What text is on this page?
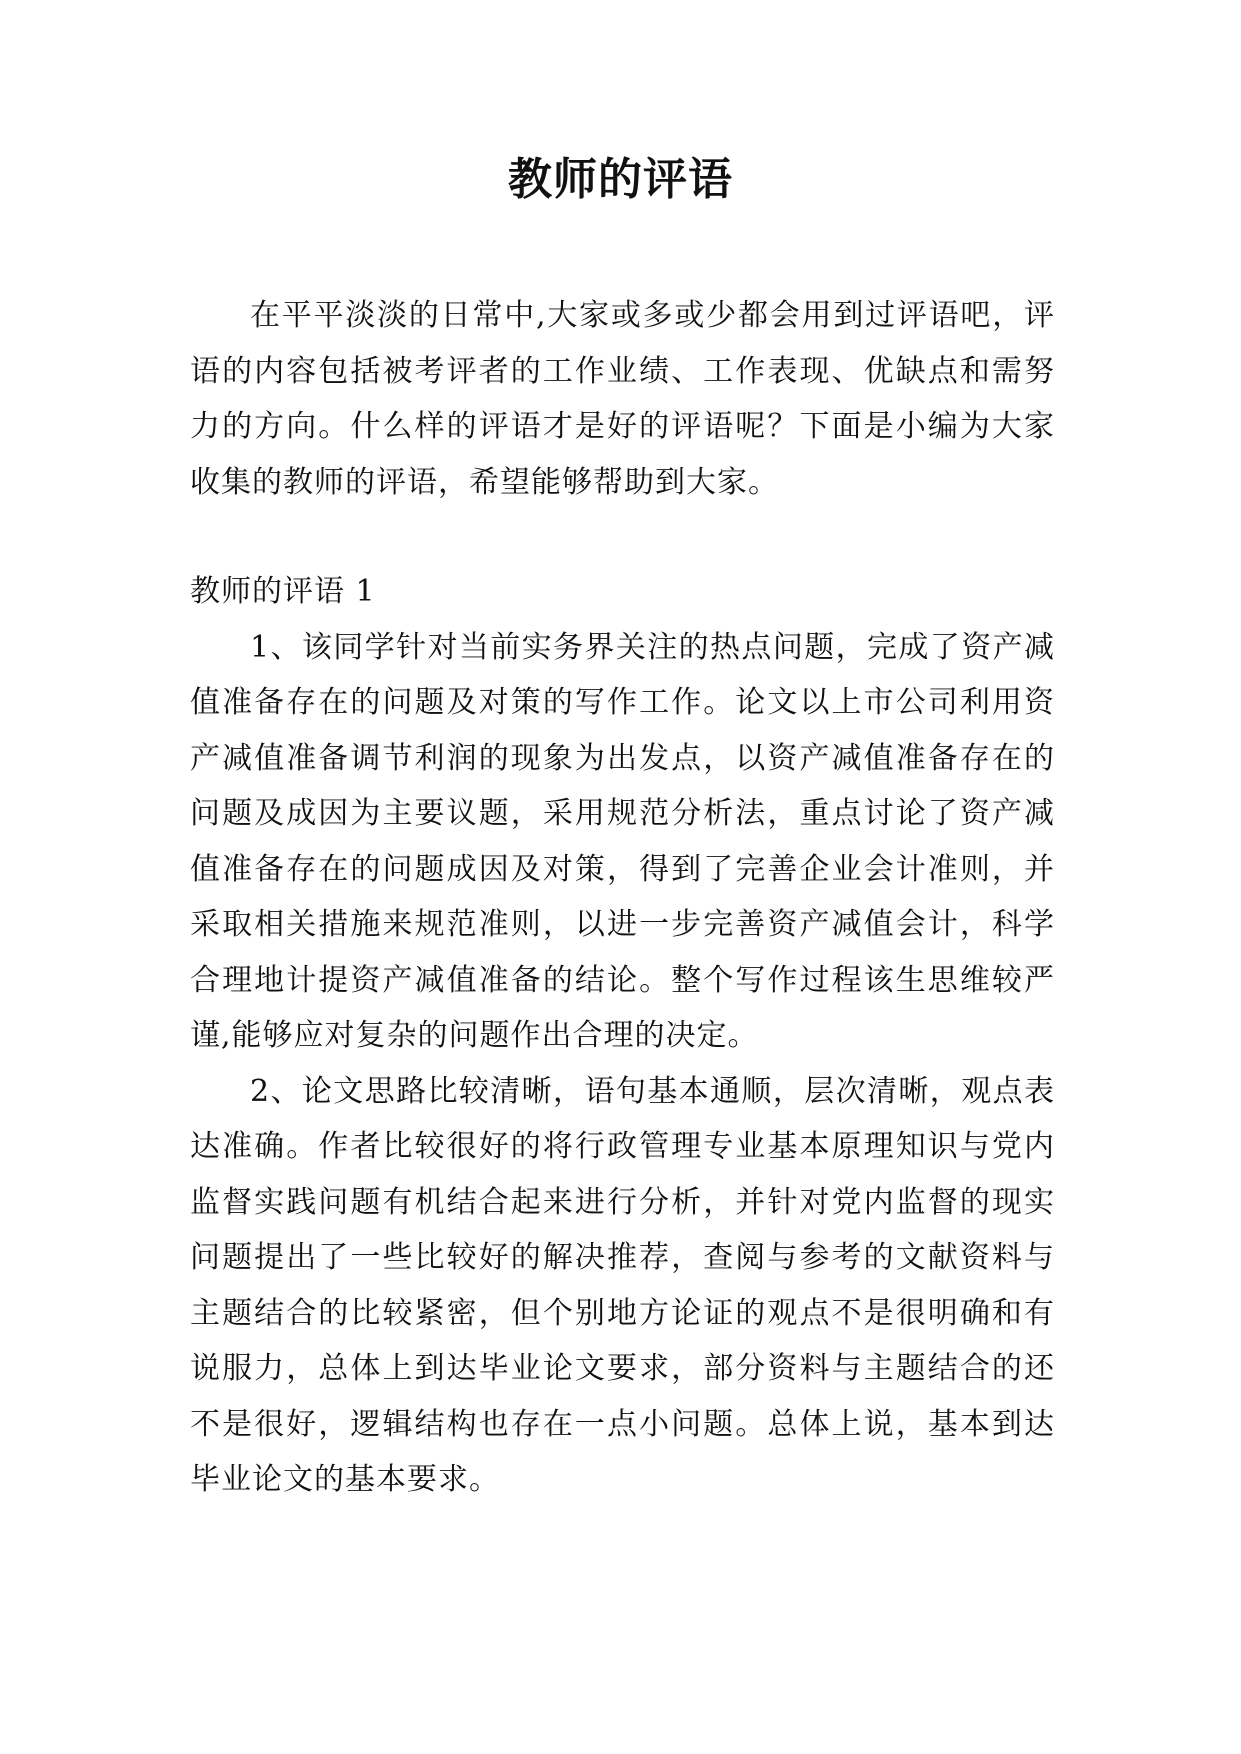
教师的评语

在平平淡淡的日常中,大家或多或少都会用到过评语吧，评语的内容包括被考评者的工作业绩、工作表现、优缺点和需努力的方向。什么样的评语才是好的评语呢？下面是小编为大家收集的教师的评语，希望能够帮助到大家。

教师的评语 1

1、该同学针对当前实务界关注的热点问题，完成了资产减值准备存在的问题及对策的写作工作。论文以上市公司利用资产减值准备调节利润的现象为出发点，以资产减值准备存在的问题及成因为主要议题，采用规范分析法，重点讨论了资产减值准备存在的问题成因及对策，得到了完善企业会计准则，并采取相关措施来规范准则，以进一步完善资产减值会计，科学合理地计提资产减值准备的结论。整个写作过程该生思维较严谨,能够应对复杂的问题作出合理的决定。

2、论文思路比较清晰，语句基本通顺，层次清晰，观点表达准确。作者比较很好的将行政管理专业基本原理知识与党内监督实践问题有机结合起来进行分析，并针对党内监督的现实问题提出了一些比较好的解决推荐，查阅与参考的文献资料与主题结合的比较紧密，但个别地方论证的观点不是很明确和有说服力，总体上到达毕业论文要求，部分资料与主题结合的还不是很好，逻辑结构也存在一点小问题。总体上说，基本到达毕业论文的基本要求。
